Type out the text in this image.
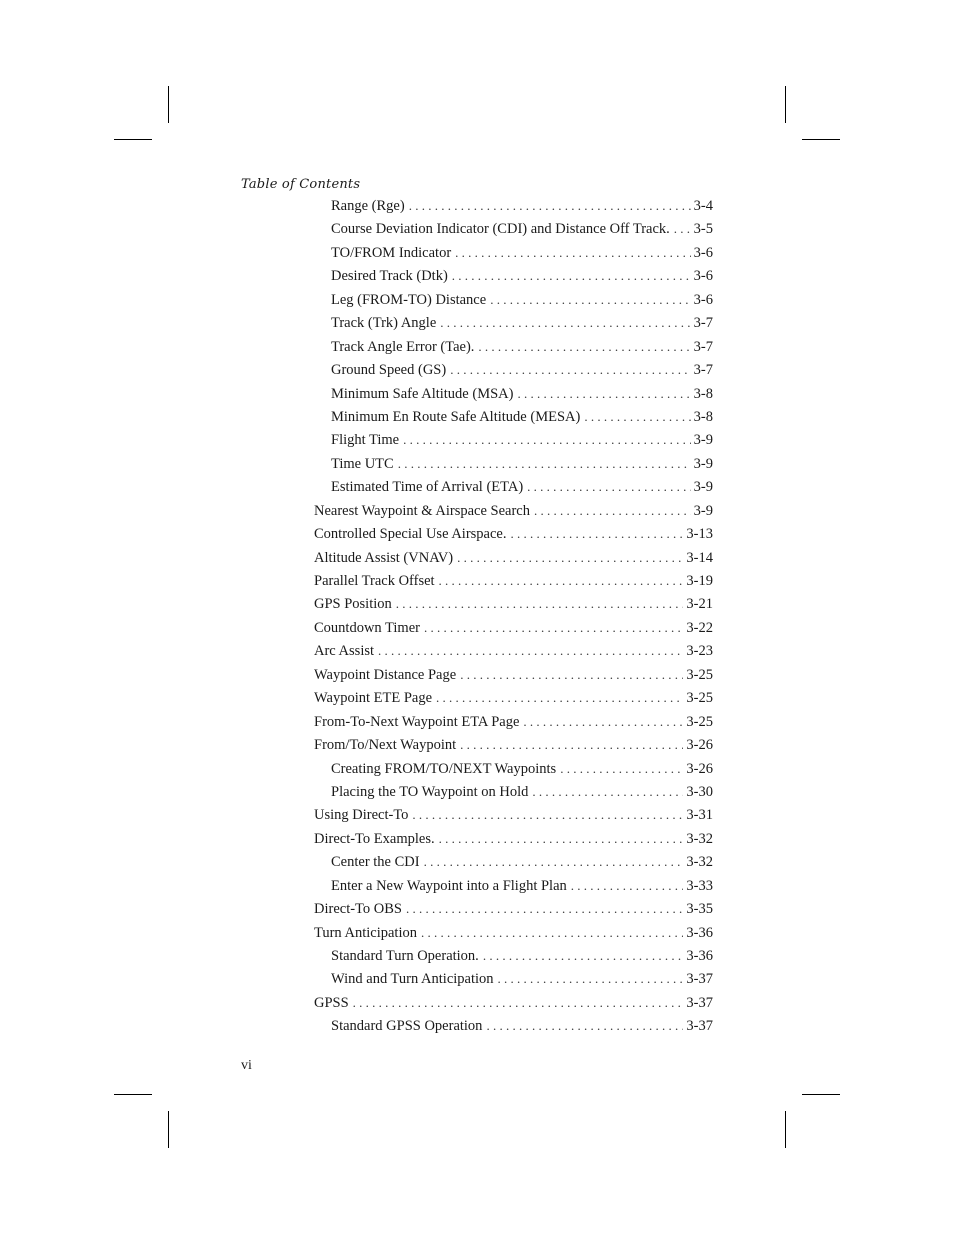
Table of Contents
Range (Rge) . . .	3-4
Course Deviation Indicator (CDI) and Distance Off Track. . . . 3-5
TO/FROM Indicator . . .	3-6
Desired Track (Dtk) . . .	3-6
Leg (FROM-TO) Distance . . .	3-6
Track (Trk) Angle . . .	3-7
Track Angle Error (Tae). . . .	3-7
Ground Speed (GS) . . .	3-7
Minimum Safe Altitude (MSA) . . .	3-8
Minimum En Route Safe Altitude (MESA) . . .	3-8
Flight Time . . .	3-9
Time UTC . . .	3-9
Estimated Time of Arrival (ETA) . . .	3-9
Nearest Waypoint & Airspace Search . . .	3-9
Controlled Special Use Airspace. . . .	3-13
Altitude Assist (VNAV) . . .	3-14
Parallel Track Offset . . .	3-19
GPS Position . . .	3-21
Countdown Timer . . .	3-22
Arc Assist . . .	3-23
Waypoint Distance Page . . .	3-25
Waypoint ETE Page . . .	3-25
From-To-Next Waypoint ETA Page . . .	3-25
From/To/Next Waypoint . . .	3-26
Creating FROM/TO/NEXT Waypoints . . .	3-26
Placing the TO Waypoint on Hold . . .	3-30
Using Direct-To . . .	3-31
Direct-To Examples. . . .	3-32
Center the CDI . . .	3-32
Enter a New Waypoint into a Flight Plan . . .	3-33
Direct-To OBS . . .	3-35
Turn Anticipation . . .	3-36
Standard Turn Operation. . . .	3-36
Wind and Turn Anticipation . . .	3-37
GPSS . . .	3-37
Standard GPSS Operation . . .	3-37
vi
